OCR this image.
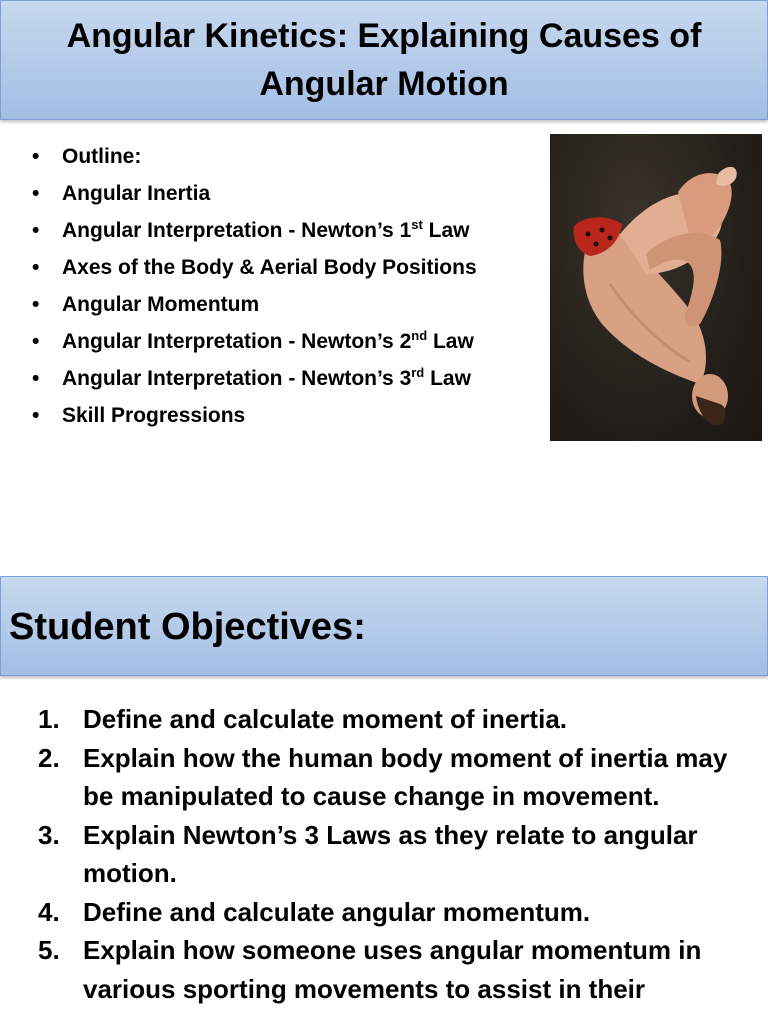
Angular Kinetics: Explaining Causes of
Angular Motion
• Outline:
• Angular Inertia
• Angular Interpretation - Newton’s 1st Law
• Axes of the Body & Aerial Body Positions
• Angular Momentum
• Angular Interpretation - Newton’s 2nd Law
• Angular Interpretation - Newton’s 3rd Law
• Skill Progressions
Student Objectives:
1. Define and calculate moment of inertia.
2. Explain how the human body moment of inertia may be manipulated to cause change in movement.
3. Explain Newton’s 3 Laws as they relate to angular motion.
4. Define and calculate angular momentum.
5. Explain how someone uses angular momentum in various sporting movements to assist in their
